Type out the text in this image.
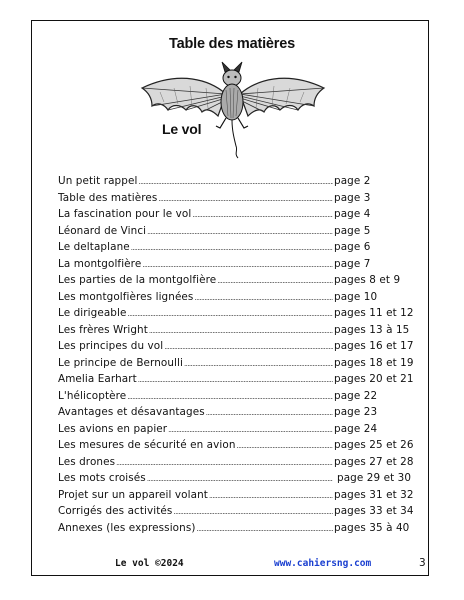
Table des matières
Le vol
Un petit rappel .....	page 2
Table des matières .....	page 3
La fascination pour le vol .....	page 4
Léonard de Vinci .....	page 5
Le deltaplane .....	page 6
La montgolfière .....	page 7
Les parties de la montgolfière .....	pages 8 et 9
Les montgolfières lignées .....	page 10
Le dirigeable .....	pages 11 et 12
Les frères Wright .....	pages 13 à 15
Les principes du vol .....	pages 16 et 17
Le principe de Bernoulli .....	pages 18 et 19
Amelia Earhart .....	pages 20 et 21
L'hélicoptère .....	page 22
Avantages et désavantages .....	page 23
Les avions en papier .....	page 24
Les mesures de sécurité en avion .....	pages 25 et 26
Les drones .....	pages 27 et 28
Les mots croisés .....	page 29 et 30
Projet sur un appareil volant .....	pages 31 et 32
Corrigés des activités .....	pages 33 et 34
Annexes (les expressions) .....	pages 35 à 40
Le vol ©2024	www.cahiersng.com	3
